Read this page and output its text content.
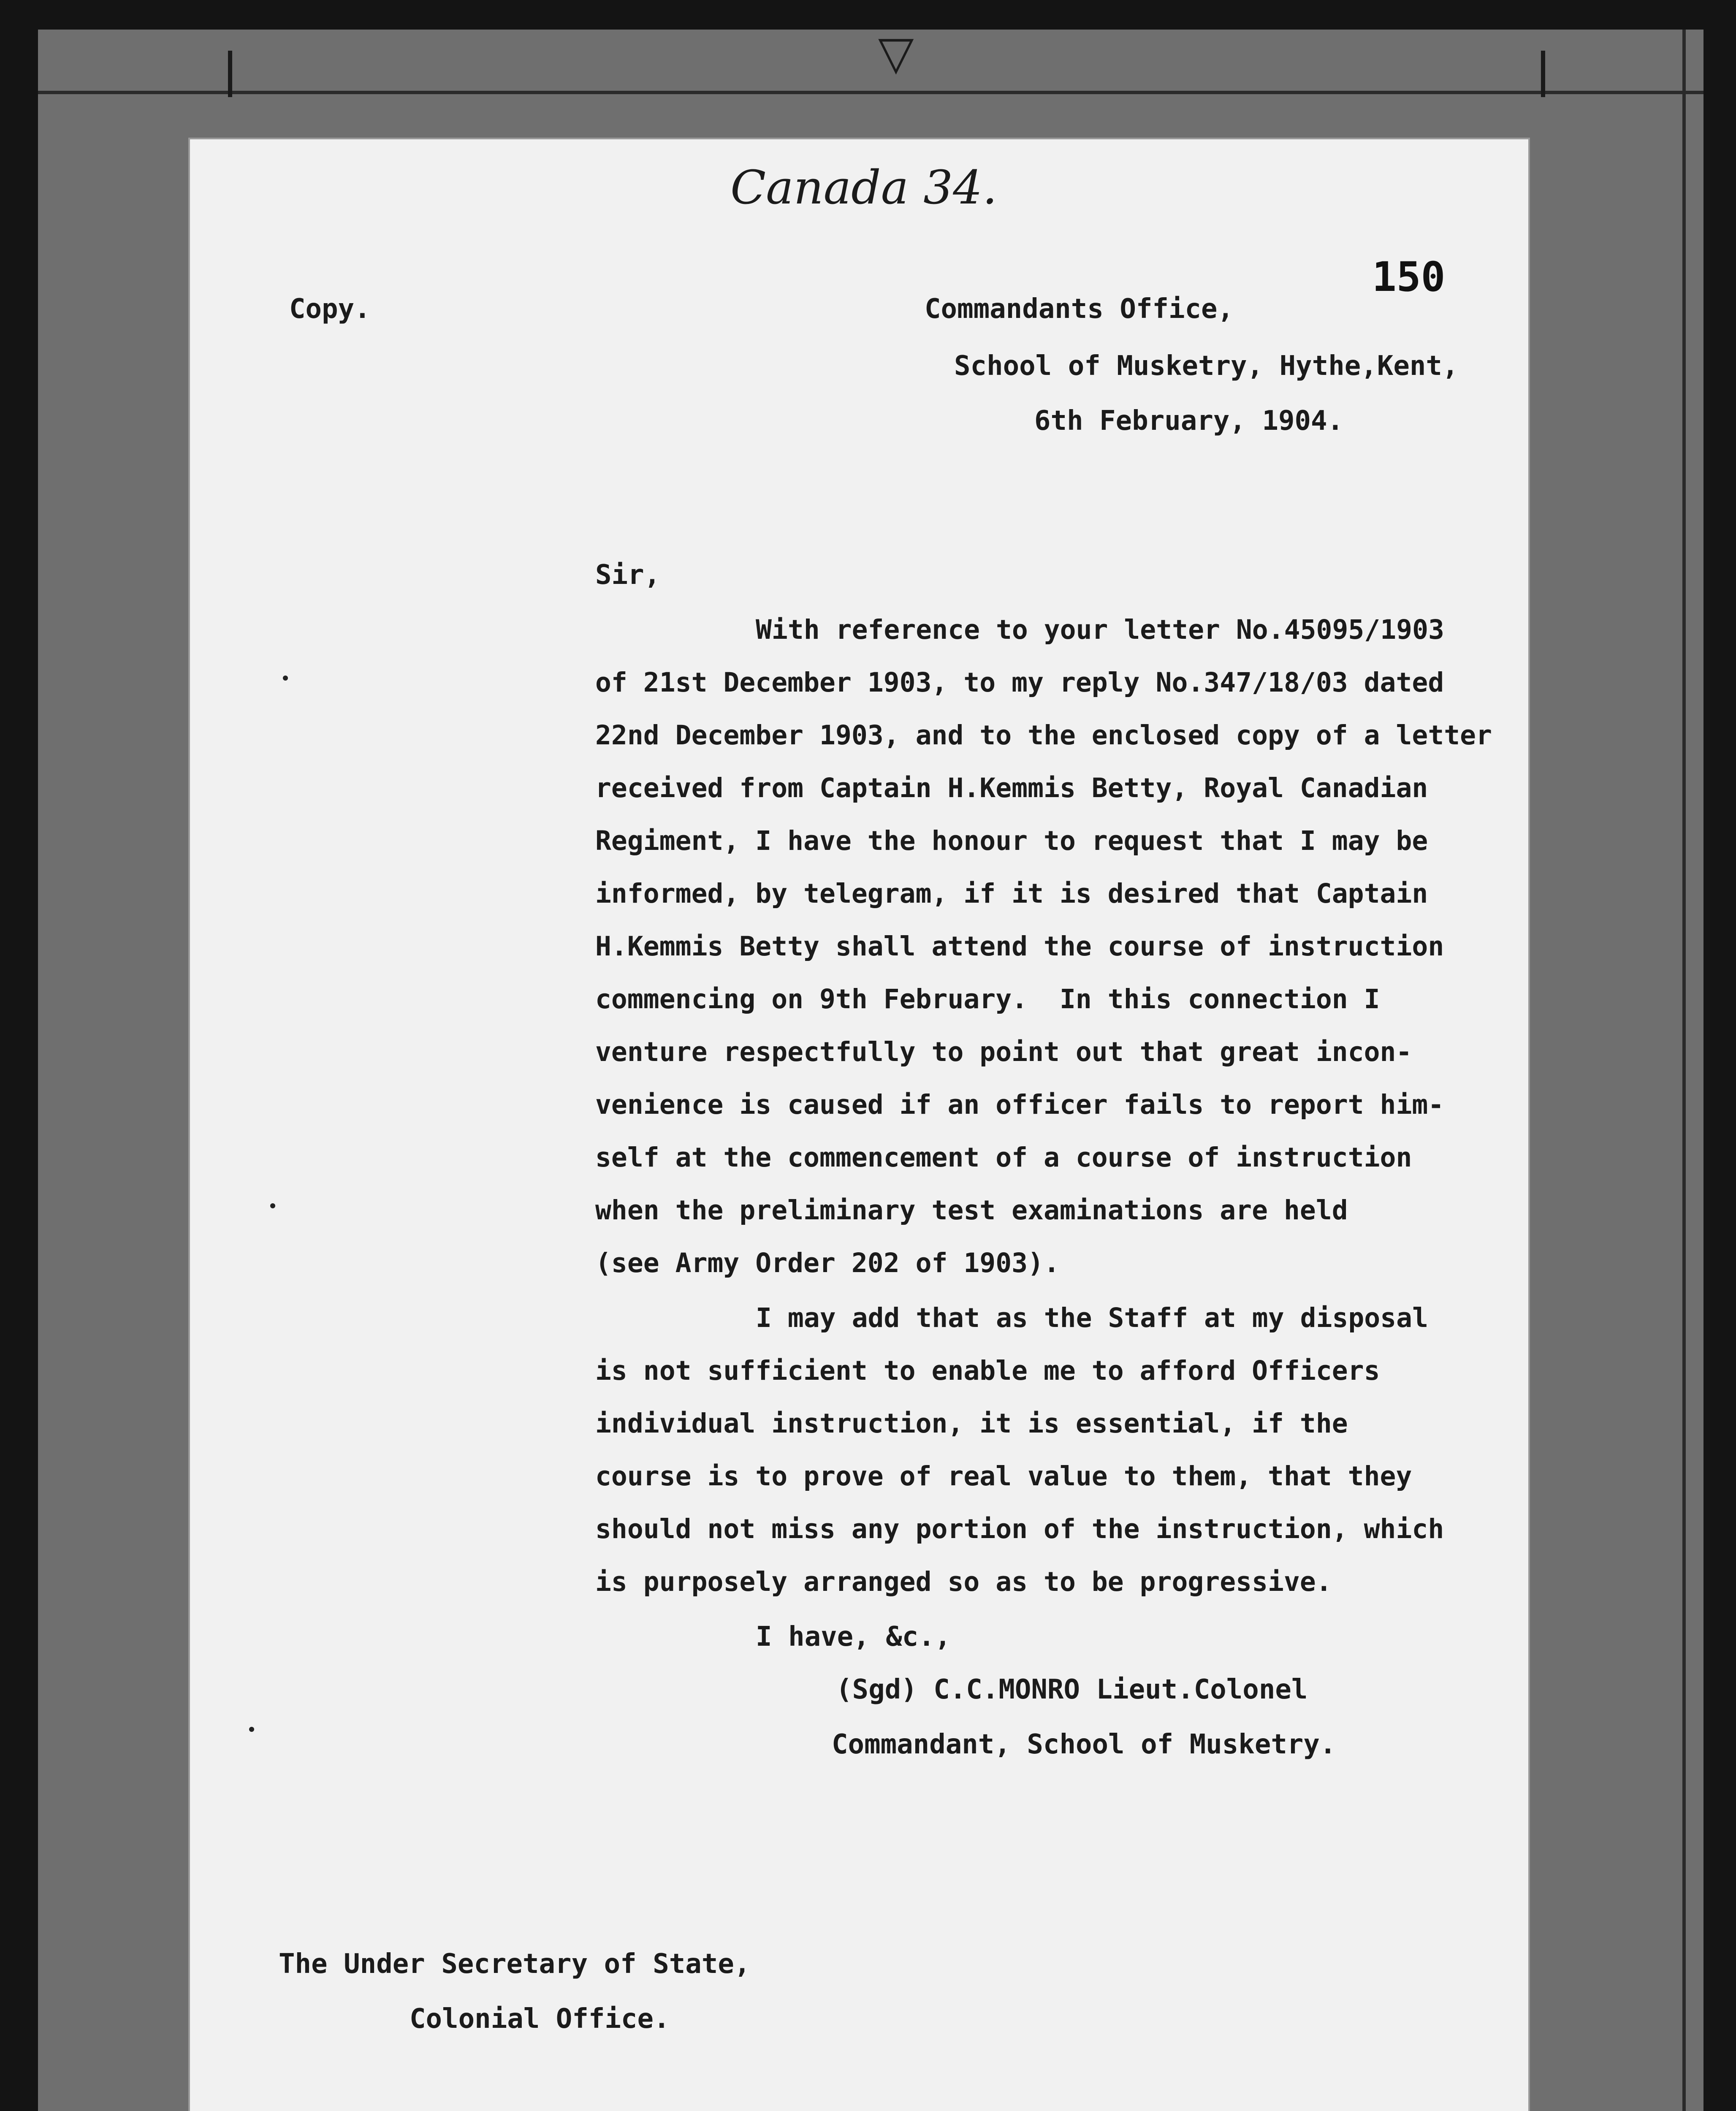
▽
Canada 34.
150
Copy.	Commandants Office,
School of Musketry, Hythe,Kent,
6th February, 1904.
Sir,
With reference to your letter No.45095/1903
of 21st December 1903, to my reply No.347/18/03 dated
22nd December 1903, and to the enclosed copy of a letter
received from Captain H.Kemmis Betty, Royal Canadian
Regiment, I have the honour to request that I may be
informed, by telegram, if it is desired that Captain
H.Kemmis Betty shall attend the course of instruction
commencing on 9th February.  In this connection I
venture respectfully to point out that great incon-
venience is caused if an officer fails to report him-
self at the commencement of a course of instruction
when the preliminary test examinations are held
(see Army Order 202 of 1903).
I may add that as the Staff at my disposal
is not sufficient to enable me to afford Officers
individual instruction, it is essential, if the
course is to prove of real value to them, that they
should not miss any portion of the instruction, which
is purposely arranged so as to be progressive.
I have, &c.,
(Sgd) C.C.MONRO Lieut.Colonel
Commandant, School of Musketry.
The Under Secretary of State,
Colonial Office.
